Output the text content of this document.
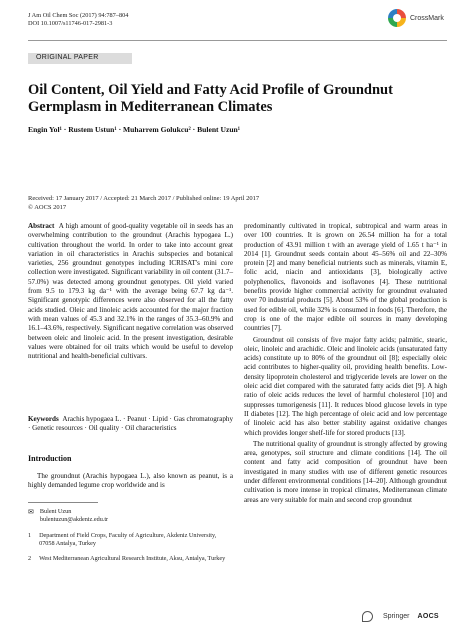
J Am Oil Chem Soc (2017) 94:787–804
DOI 10.1007/s11746-017-2981-3
CrossMark
ORIGINAL PAPER
Oil Content, Oil Yield and Fatty Acid Profile of Groundnut
Germplasm in Mediterranean Climates
Engin Yol¹ · Rustem Ustun¹ · Muharrem Golukcu² · Bulent Uzun¹
Received: 17 January 2017 / Accepted: 21 March 2017 / Published online: 19 April 2017
© AOCS 2017

Abstract A high amount of good-quality vegetable oil in seeds has an overwhelming contribution to the groundnut (Arachis hypogaea L.) cultivation throughout the world. In order to take into account great variation in oil characteristics in Arachis subspecies and botanical varieties, 256 groundnut genotypes including ICRISAT's mini core collection were investigated. Significant variability in oil content (31.7–57.0%) was detected among groundnut genotypes. Oil yield varied from 9.5 to 179.3 kg da⁻¹ with the average being 67.7 kg da⁻¹. Significant genotypic differences were also observed for all the fatty acids studied. Oleic and linoleic acids accounted for the major fraction with mean values of 45.3 and 32.1% in the ranges of 35.3–60.9% and 16.1–43.6%, respectively. Significant negative correlation was observed between oleic and linoleic acid. In the present investigation, desirable values were obtained for oil traits which would be useful to develop nutritional and health-beneficial cultivars.

Keywords Arachis hypogaea L. · Peanut · Lipid · Gas chromatography · Genetic resources · Oil quality · Oil characteristics

Introduction

The groundnut (Arachis hypogaea L.), also known as peanut, is a highly demanded legume crop worldwide and is

✉ Bulent Uzun
bulentuzun@akdeniz.edu.tr
1 Department of Field Crops, Faculty of Agriculture, Akdeniz University, 07058 Antalya, Turkey
2 West Mediterranean Agricultural Research Institute, Aksu, Antalya, Turkey

predominantly cultivated in tropical, subtropical and warm areas in over 100 countries. It is grown on 26.54 million ha for a total production of 43.91 million t with an average yield of 1.65 t ha⁻¹ in 2014 [1]. Groundnut seeds contain about 45–56% oil and 22–30% protein [2] and many beneficial nutrients such as minerals, vitamin E, folic acid, niacin and antioxidants [3], biologically active polyphenolics, flavonoids and isoflavones [4]. These nutritional benefits provide higher commercial activity for groundnut evaluated over 70 industrial products [5]. About 53% of the global production is used for edible oil, while 32% is consumed in foods [6]. Therefore, the crop is one of the major edible oil sources in many developing countries [7].

Groundnut oil consists of five major fatty acids; palmitic, stearic, oleic, linoleic and arachidic. Oleic and linoleic acids (unsaturated fatty acids) constitute up to 80% of the groundnut oil [8]; especially oleic acid contributes to higher-quality oil, providing health benefits. Low-density lipoprotein cholesterol and triglyceride levels are lower on the oleic acid diet compared with the saturated fatty acids diet [9]. A high ratio of oleic acids reduces the level of harmful cholesterol [10] and suppresses tumorigenesis [11]. It reduces blood glucose levels in type II diabetes [12]. The high percentage of oleic acid and low percentage of linoleic acid has also better stability against oxidative changes which provides longer shelf-life for stored products [13].

The nutritional quality of groundnut is strongly affected by growing area, genotypes, soil structure and climate conditions [14]. The oil content and fatty acid composition of groundnut have been investigated in many studies with use of different genetic resources under different environmental conditions [14–20]. Although groundnut cultivation is more intense in tropical climates, Mediterranean climate areas are very suitable for main and second crop groundnut

Springer AOCS
